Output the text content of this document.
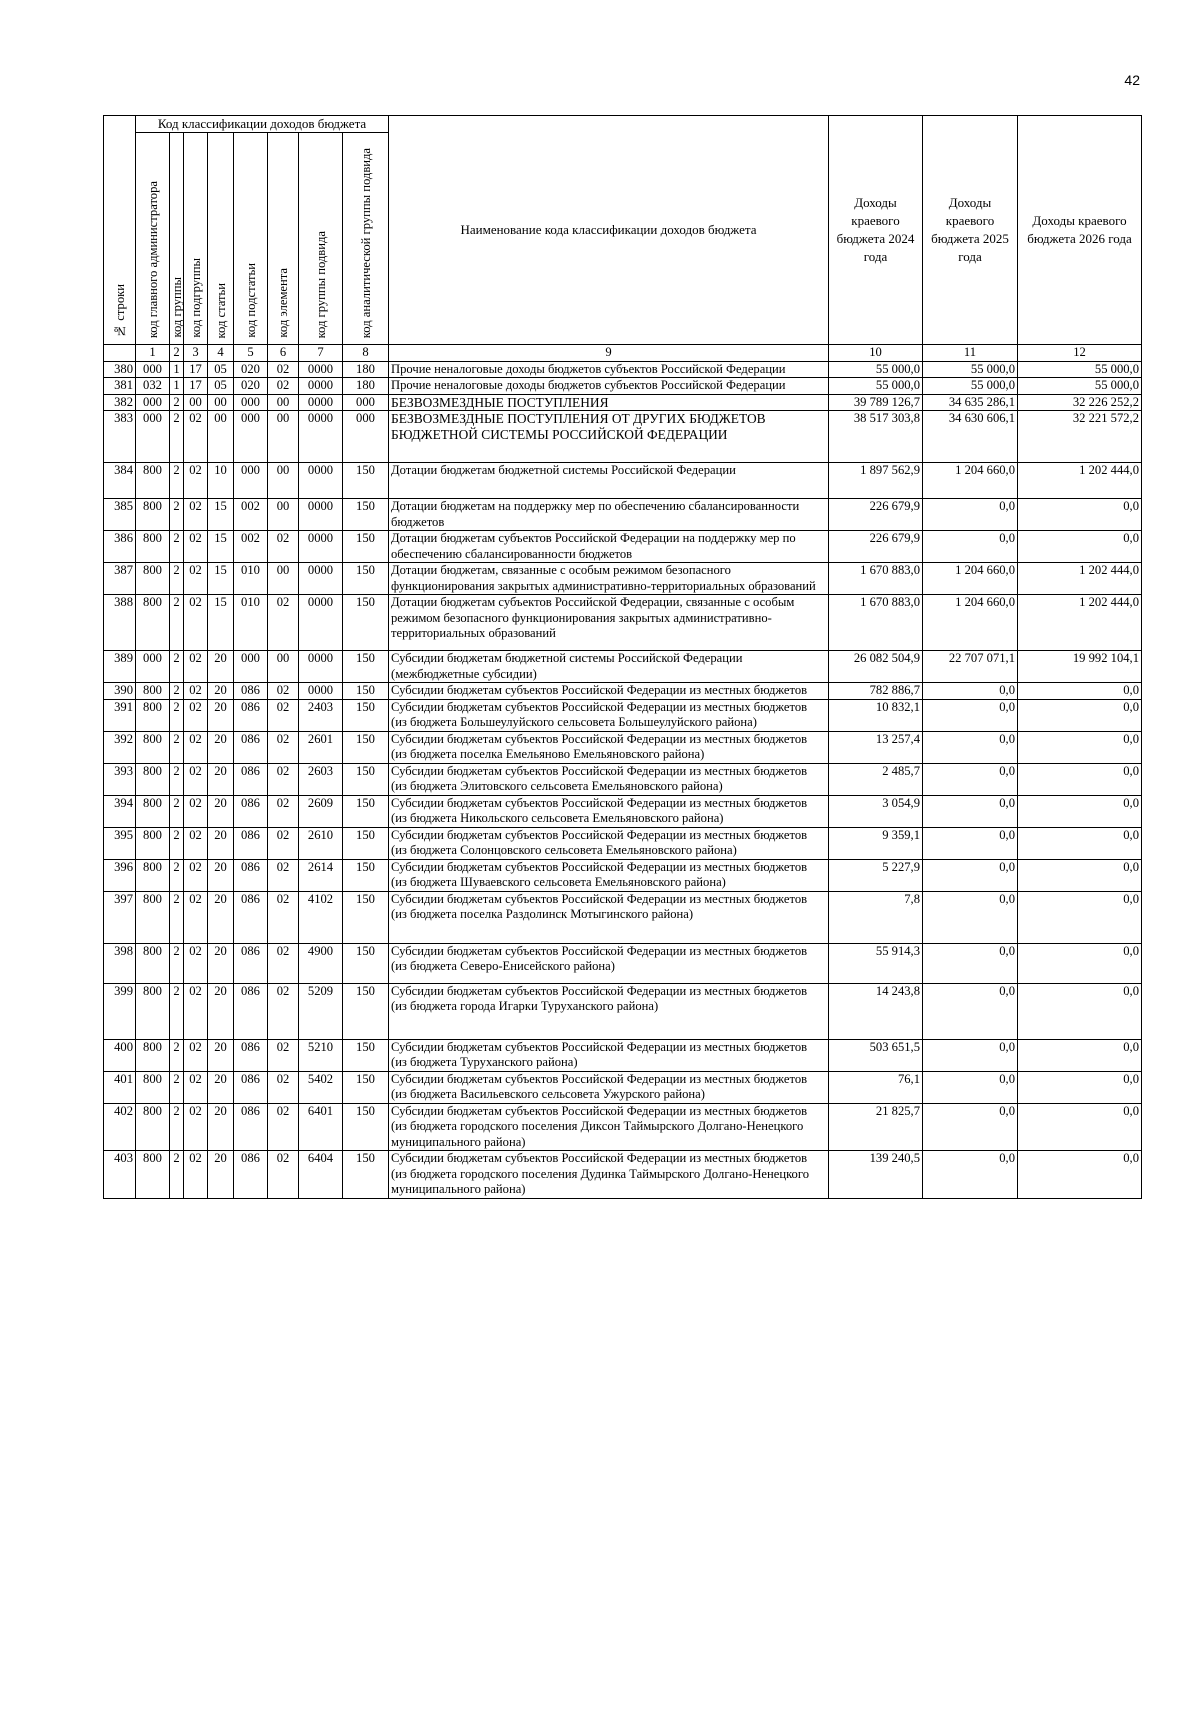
42
№ строки	Код классификации доходов бюджета								Наименование кода классификации доходов бюджета	Доходы краевого бюджета 2024 года	Доходы краевого бюджета 2025 года	Доходы краевого бюджета 2026 года

	код главного администратора	код группы	код подгруппы	код статьи	код подстатьи	код элемента	код группы подвида	код аналитической группы подвида				

	1	2	3	4	5	6	7	8	9	10	11	12
380	000	1	17	05	020	02	0000	180	Прочие неналоговые доходы бюджетов субъектов Российской Федерации	55 000,0	55 000,0	55 000,0
381	032	1	17	05	020	02	0000	180	Прочие неналоговые доходы бюджетов субъектов Российской Федерации	55 000,0	55 000,0	55 000,0
382	000	2	00	00	000	00	0000	000	БЕЗВОЗМЕЗДНЫЕ ПОСТУПЛЕНИЯ	39 789 126,7	34 635 286,1	32 226 252,2
383	000	2	02	00	000	00	0000	000	БЕЗВОЗМЕЗДНЫЕ ПОСТУПЛЕНИЯ ОТ ДРУГИХ БЮДЖЕТОВ БЮДЖЕТНОЙ СИСТЕМЫ РОССИЙСКОЙ ФЕДЕРАЦИИ	38 517 303,8	34 630 606,1	32 221 572,2
384	800	2	02	10	000	00	0000	150	Дотации бюджетам бюджетной системы Российской Федерации	1 897 562,9	1 204 660,0	1 202 444,0
385	800	2	02	15	002	00	0000	150	Дотации бюджетам на поддержку мер по обеспечению сбалансированности бюджетов	226 679,9	0,0	0,0
386	800	2	02	15	002	02	0000	150	Дотации бюджетам субъектов Российской Федерации на поддержку мер по обеспечению сбалансированности бюджетов	226 679,9	0,0	0,0
387	800	2	02	15	010	00	0000	150	Дотации бюджетам, связанные с особым режимом безопасного функционирования закрытых административно-территориальных образований	1 670 883,0	1 204 660,0	1 202 444,0
388	800	2	02	15	010	02	0000	150	Дотации бюджетам субъектов Российской Федерации, связанные с особым режимом безопасного функционирования закрытых административно-территориальных образований	1 670 883,0	1 204 660,0	1 202 444,0
389	000	2	02	20	000	00	0000	150	Субсидии бюджетам бюджетной системы Российской Федерации (межбюджетные субсидии)	26 082 504,9	22 707 071,1	19 992 104,1
390	800	2	02	20	086	02	0000	150	Субсидии бюджетам субъектов Российской Федерации из местных бюджетов	782 886,7	0,0	0,0
391	800	2	02	20	086	02	2403	150	Субсидии бюджетам субъектов Российской Федерации из местных бюджетов (из бюджета Большеулуйского сельсовета Большеулуйского района)	10 832,1	0,0	0,0
392	800	2	02	20	086	02	2601	150	Субсидии бюджетам субъектов Российской Федерации из местных бюджетов (из бюджета поселка Емельяново Емельяновского района)	13 257,4	0,0	0,0
393	800	2	02	20	086	02	2603	150	Субсидии бюджетам субъектов Российской Федерации из местных бюджетов (из бюджета Элитовского сельсовета Емельяновского района)	2 485,7	0,0	0,0
394	800	2	02	20	086	02	2609	150	Субсидии бюджетам субъектов Российской Федерации из местных бюджетов (из бюджета Никольского сельсовета Емельяновского района)	3 054,9	0,0	0,0
395	800	2	02	20	086	02	2610	150	Субсидии бюджетам субъектов Российской Федерации из местных бюджетов (из бюджета Солонцовского сельсовета Емельяновского района)	9 359,1	0,0	0,0
396	800	2	02	20	086	02	2614	150	Субсидии бюджетам субъектов Российской Федерации из местных бюджетов (из бюджета Шуваевского сельсовета Емельяновского района)	5 227,9	0,0	0,0
397	800	2	02	20	086	02	4102	150	Субсидии бюджетам субъектов Российской Федерации из местных бюджетов (из бюджета поселка Раздолинск Мотыгинского района)	7,8	0,0	0,0
398	800	2	02	20	086	02	4900	150	Субсидии бюджетам субъектов Российской Федерации из местных бюджетов (из бюджета Северо-Енисейского района)	55 914,3	0,0	0,0
399	800	2	02	20	086	02	5209	150	Субсидии бюджетам субъектов Российской Федерации из местных бюджетов (из бюджета города Игарки Туруханского района)	14 243,8	0,0	0,0
400	800	2	02	20	086	02	5210	150	Субсидии бюджетам субъектов Российской Федерации из местных бюджетов (из бюджета Туруханского района)	503 651,5	0,0	0,0
401	800	2	02	20	086	02	5402	150	Субсидии бюджетам субъектов Российской Федерации из местных бюджетов (из бюджета Васильевского сельсовета Ужурского района)	76,1	0,0	0,0
402	800	2	02	20	086	02	6401	150	Субсидии бюджетам субъектов Российской Федерации из местных бюджетов (из бюджета городского поселения Диксон Таймырского Долгано-Ненецкого муниципального района)	21 825,7	0,0	0,0
403	800	2	02	20	086	02	6404	150	Субсидии бюджетам субъектов Российской Федерации из местных бюджетов (из бюджета городского поселения Дудинка Таймырского Долгано-Ненецкого муниципального района)	139 240,5	0,0	0,0
